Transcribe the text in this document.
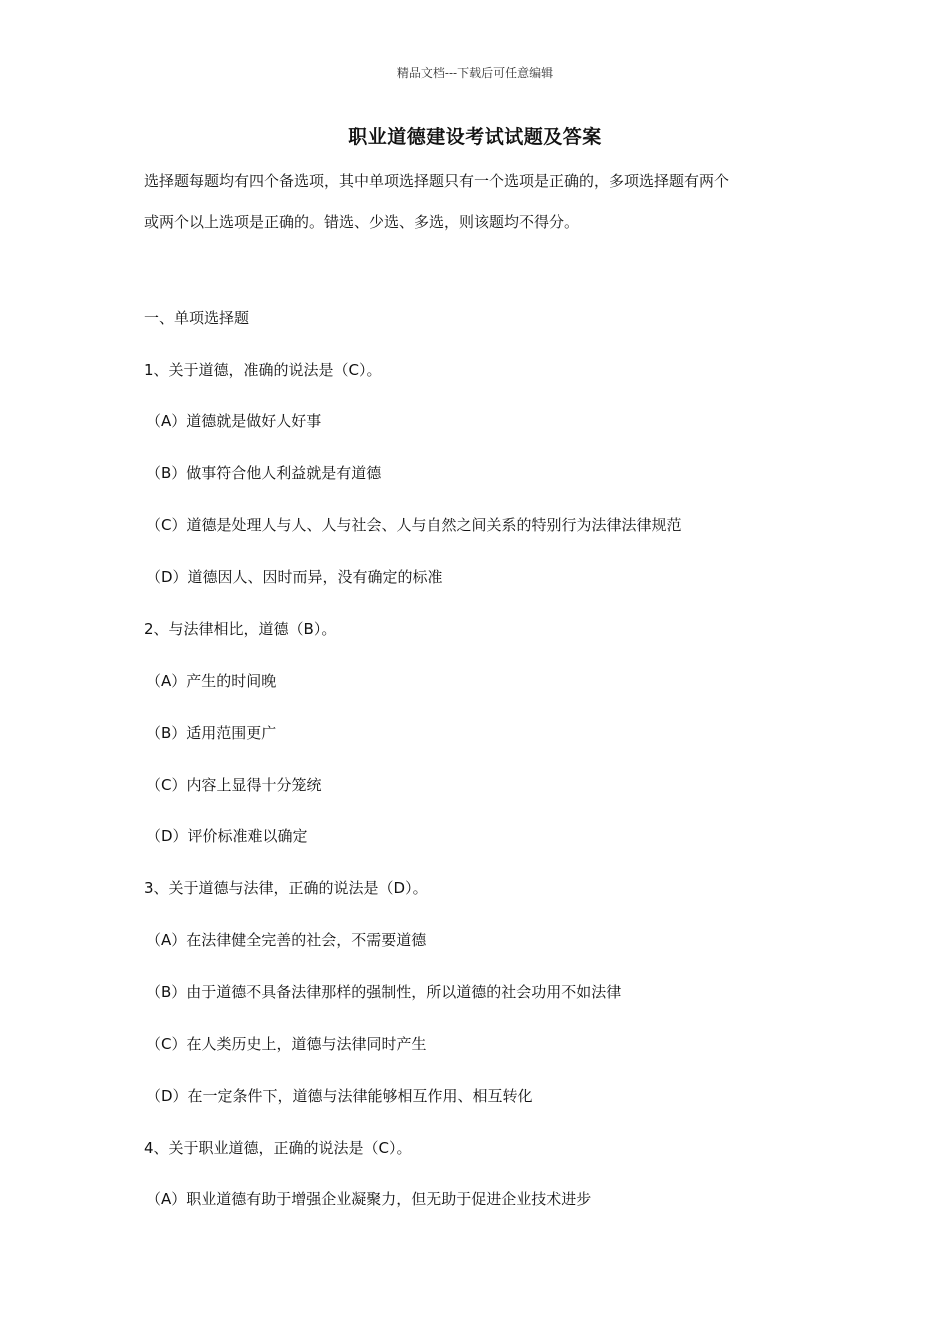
精品文档---下载后可任意编辑
职业道德建设考试试题及答案
选择题每题均有四个备选项，其中单项选择题只有一个选项是正确的，多项选择题有两个
或两个以上选项是正确的。错选、少选、多选，则该题均不得分。
一、单项选择题
1、关于道德，准确的说法是（C）。
（A）道德就是做好人好事
（B）做事符合他人利益就是有道德
（C）道德是处理人与人、人与社会、人与自然之间关系的特别行为法律法律规范
（D）道德因人、因时而异，没有确定的标准
2、与法律相比，道德（B）。
（A）产生的时间晚
（B）适用范围更广
（C）内容上显得十分笼统
（D）评价标准难以确定
3、关于道德与法律，正确的说法是（D）。
（A）在法律健全完善的社会，不需要道德
（B）由于道德不具备法律那样的强制性，所以道德的社会功用不如法律
（C）在人类历史上，道德与法律同时产生
（D）在一定条件下，道德与法律能够相互作用、相互转化
4、关于职业道德，正确的说法是（C）。
（A）职业道德有助于增强企业凝聚力，但无助于促进企业技术进步
